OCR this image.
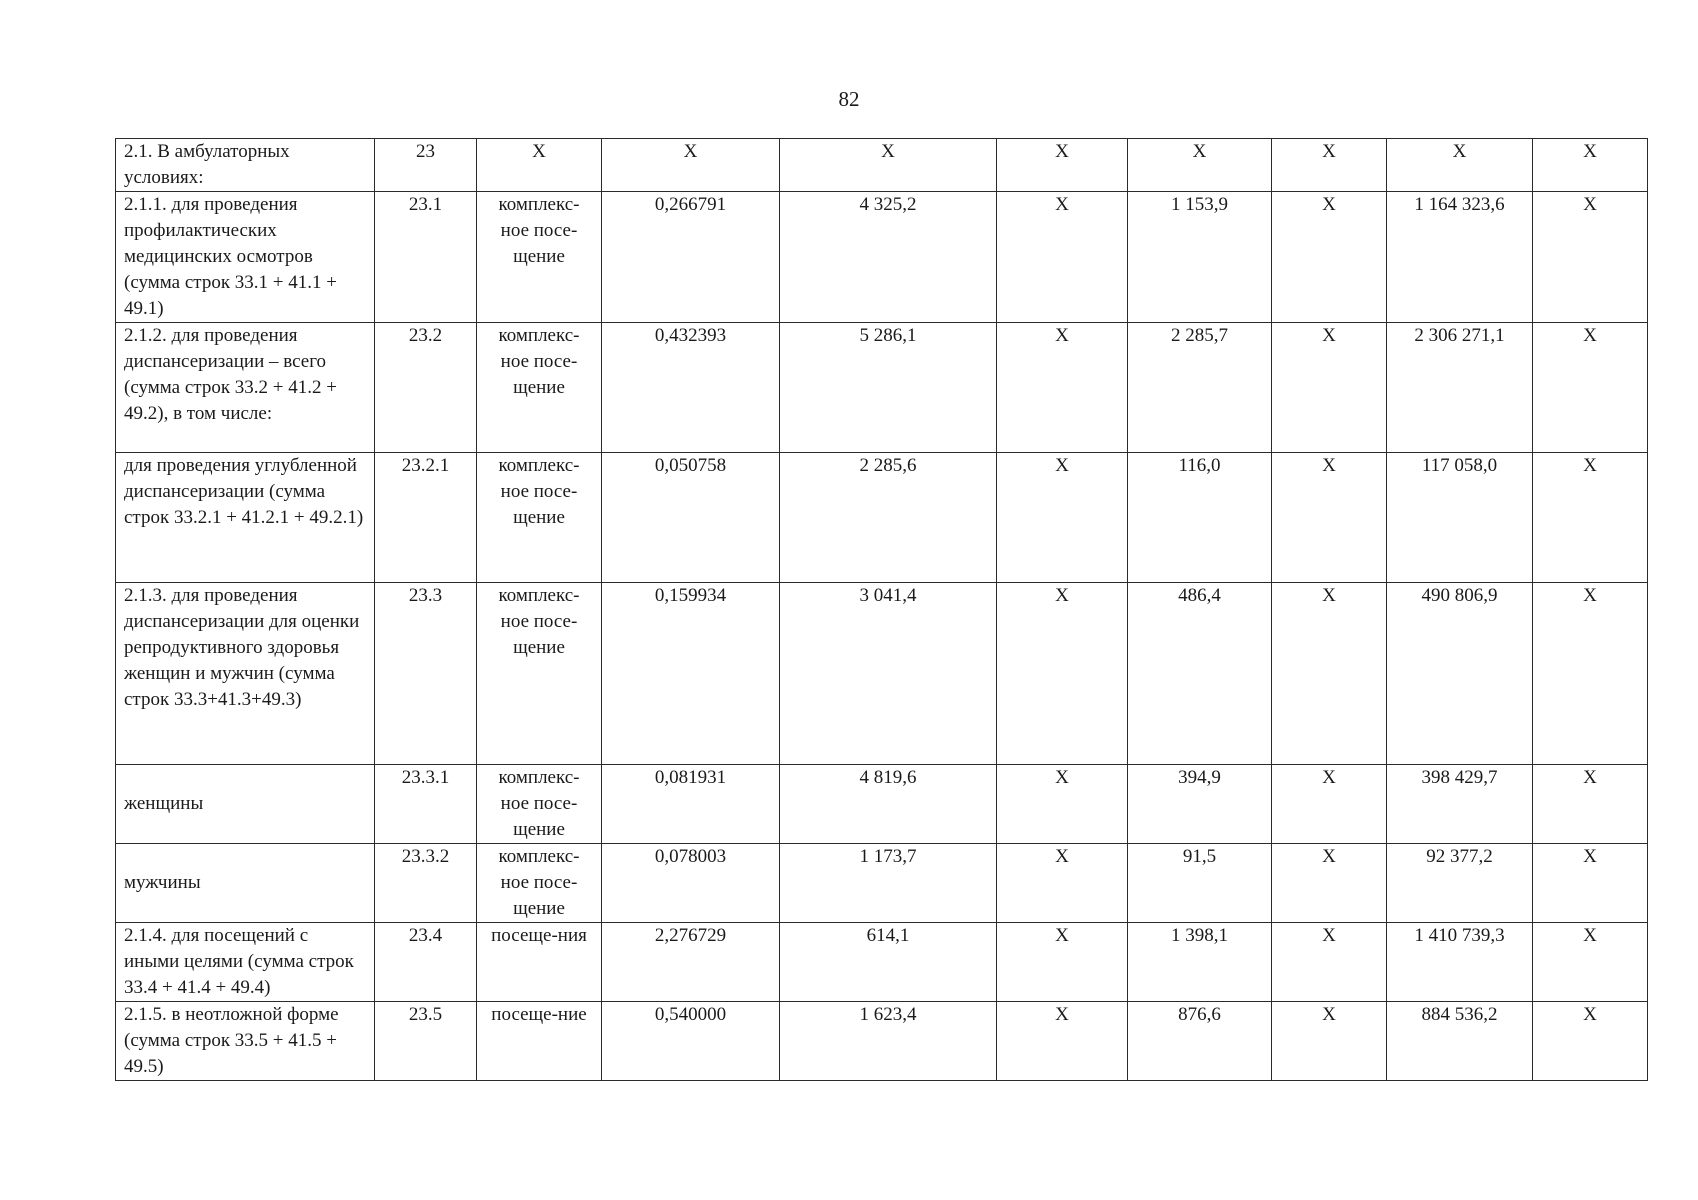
82
2.1. В амбулаторных условиях:	23	Х	Х	Х	Х	Х	Х	Х	Х
2.1.1. для проведения профилактических медицинских осмотров (сумма строк 33.1 + 41.1 + 49.1)	23.1	комплекс-ное посе-щение	0,266791	4 325,2	Х	1 153,9	Х	1 164 323,6	Х
2.1.2. для проведения диспансеризации – всего (сумма строк 33.2 + 41.2 + 49.2), в том числе:	23.2	комплекс-ное посе-щение	0,432393	5 286,1	Х	2 285,7	Х	2 306 271,1	Х
для проведения углубленной диспансеризации (сумма строк 33.2.1 + 41.2.1 + 49.2.1)	23.2.1	комплекс-ное посе-щение	0,050758	2 285,6	Х	116,0	Х	117 058,0	Х
2.1.3. для проведения диспансеризации для оценки репродуктивного здоровья женщин и мужчин (сумма строк 33.3+41.3+49.3)	23.3	комплекс-ное посе-щение	0,159934	3 041,4	Х	486,4	Х	490 806,9	Х
женщины	23.3.1	комплекс-ное посе-щение	0,081931	4 819,6	Х	394,9	Х	398 429,7	Х
мужчины	23.3.2	комплекс-ное посе-щение	0,078003	1 173,7	Х	91,5	Х	92 377,2	Х
2.1.4. для посещений с иными целями (сумма строк 33.4 + 41.4 + 49.4)	23.4	посеще-ния	2,276729	614,1	Х	1 398,1	Х	1 410 739,3	Х
2.1.5. в неотложной форме (сумма строк 33.5 + 41.5 + 49.5)	23.5	посеще-ние	0,540000	1 623,4	Х	876,6	Х	884 536,2	Х
